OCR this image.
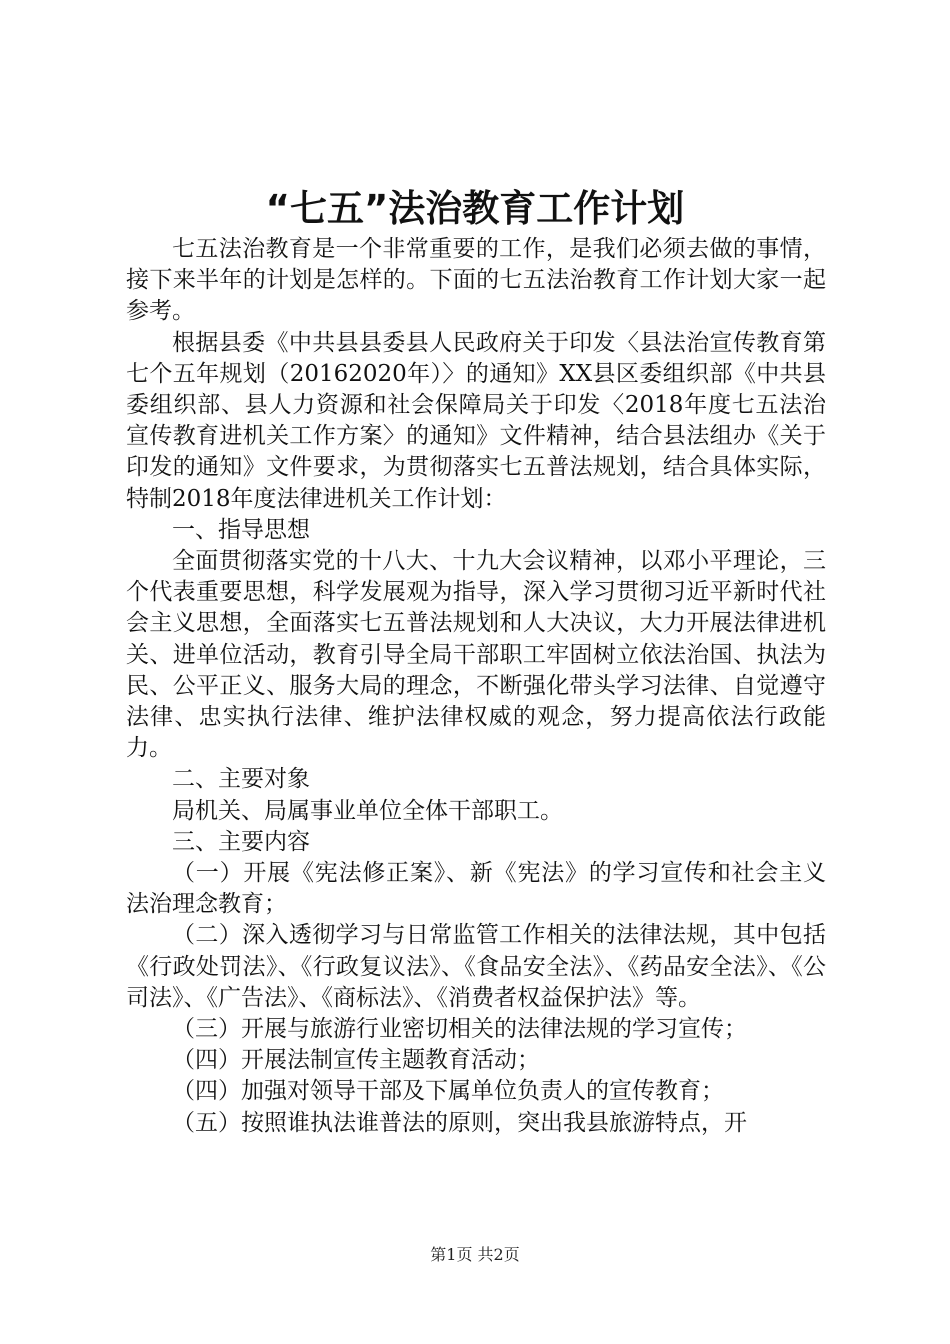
“七五”法治教育工作计划

七五法治教育是一个非常重要的工作，是我们必须去做的事情，接下来半年的计划是怎样的。下面的七五法治教育工作计划大家一起参考。

根据县委《中共县县委县人民政府关于印发〈县法治宣传教育第七个五年规划（20162020年）〉的通知》XX县区委组织部《中共县委组织部、县人力资源和社会保障局关于印发〈2018年度七五法治宣传教育进机关工作方案〉的通知》文件精神，结合县法组办《关于印发的通知》文件要求，为贯彻落实七五普法规划，结合具体实际，特制2018年度法律进机关工作计划：

一、指导思想

全面贯彻落实党的十八大、十九大会议精神，以邓小平理论，三个代表重要思想，科学发展观为指导，深入学习贯彻习近平新时代社会主义思想，全面落实七五普法规划和人大决议，大力开展法律进机关、进单位活动，教育引导全局干部职工牢固树立依法治国、执法为民、公平正义、服务大局的理念，不断强化带头学习法律、自觉遵守法律、忠实执行法律、维护法律权威的观念，努力提高依法行政能力。

二、主要对象

局机关、局属事业单位全体干部职工。

三、主要内容

（一）开展《宪法修正案》、新《宪法》的学习宣传和社会主义法治理念教育；

（二）深入透彻学习与日常监管工作相关的法律法规，其中包括《行政处罚法》、《行政复议法》、《食品安全法》、《药品安全法》、《公司法》、《广告法》、《商标法》、《消费者权益保护法》等。

（三）开展与旅游行业密切相关的法律法规的学习宣传；

（四）开展法制宣传主题教育活动；

（四）加强对领导干部及下属单位负责人的宣传教育；

（五）按照谁执法谁普法的原则，突出我县旅游特点，开

第1页 共2页
